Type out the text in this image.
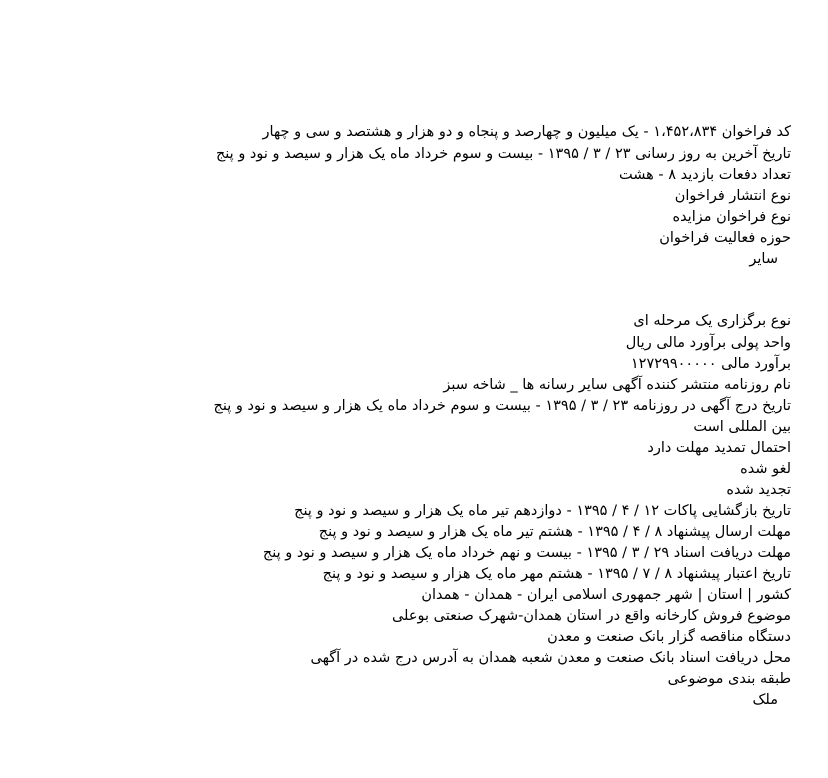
کد فراخوان ۱،۴۵۲،۸۳۴ - یک میلیون و چهارصد و پنجاه و دو هزار و هشتصد و سی و چهار
تاریخ آخرین به روز رسانی ۲۳ / ۳ / ۱۳۹۵ - بیست و سوم خرداد ماه یک هزار و سیصد و نود و پنج
تعداد دفعات بازدید ۸ - هشت
نوع انتشار فراخوان
نوع فراخوان مزایده
حوزه فعالیت فراخوان
سایر
نوع برگزاری یک مرحله ای
واحد پولی برآورد مالی ریال
برآورد مالی ۱۲۷۲۹۹۰۰۰۰۰
نام روزنامه منتشر کننده آگهی سایر رسانه ها _ شاخه سبز
تاریخ درج آگهی در روزنامه ۲۳ / ۳ / ۱۳۹۵ - بیست و سوم خرداد ماه یک هزار و سیصد و نود و پنج
بین المللی است
احتمال تمدید مهلت دارد
لغو شده
تجدید شده
تاریخ بازگشایی پاکات ۱۲ / ۴ / ۱۳۹۵ - دوازدهم تیر ماه یک هزار و سیصد و نود و پنج
مهلت ارسال پیشنهاد ۸ / ۴ / ۱۳۹۵ - هشتم تیر ماه یک هزار و سیصد و نود و پنج
مهلت دریافت اسناد ۲۹ / ۳ / ۱۳۹۵ - بیست و نهم خرداد ماه یک هزار و سیصد و نود و پنج
تاریخ اعتبار پیشنهاد ۸ / ۷ / ۱۳۹۵ - هشتم مهر ماه یک هزار و سیصد و نود و پنج
کشور | استان | شهر جمهوری اسلامی ایران - همدان - همدان
موضوع فروش کارخانه واقع در استان همدان-شهرک صنعتی بوعلی
دستگاه مناقصه گزار بانک صنعت و معدن
محل دریافت اسناد بانک صنعت و معدن شعبه همدان به آدرس درج شده در آگهی
طبقه بندی موضوعی
ملک
